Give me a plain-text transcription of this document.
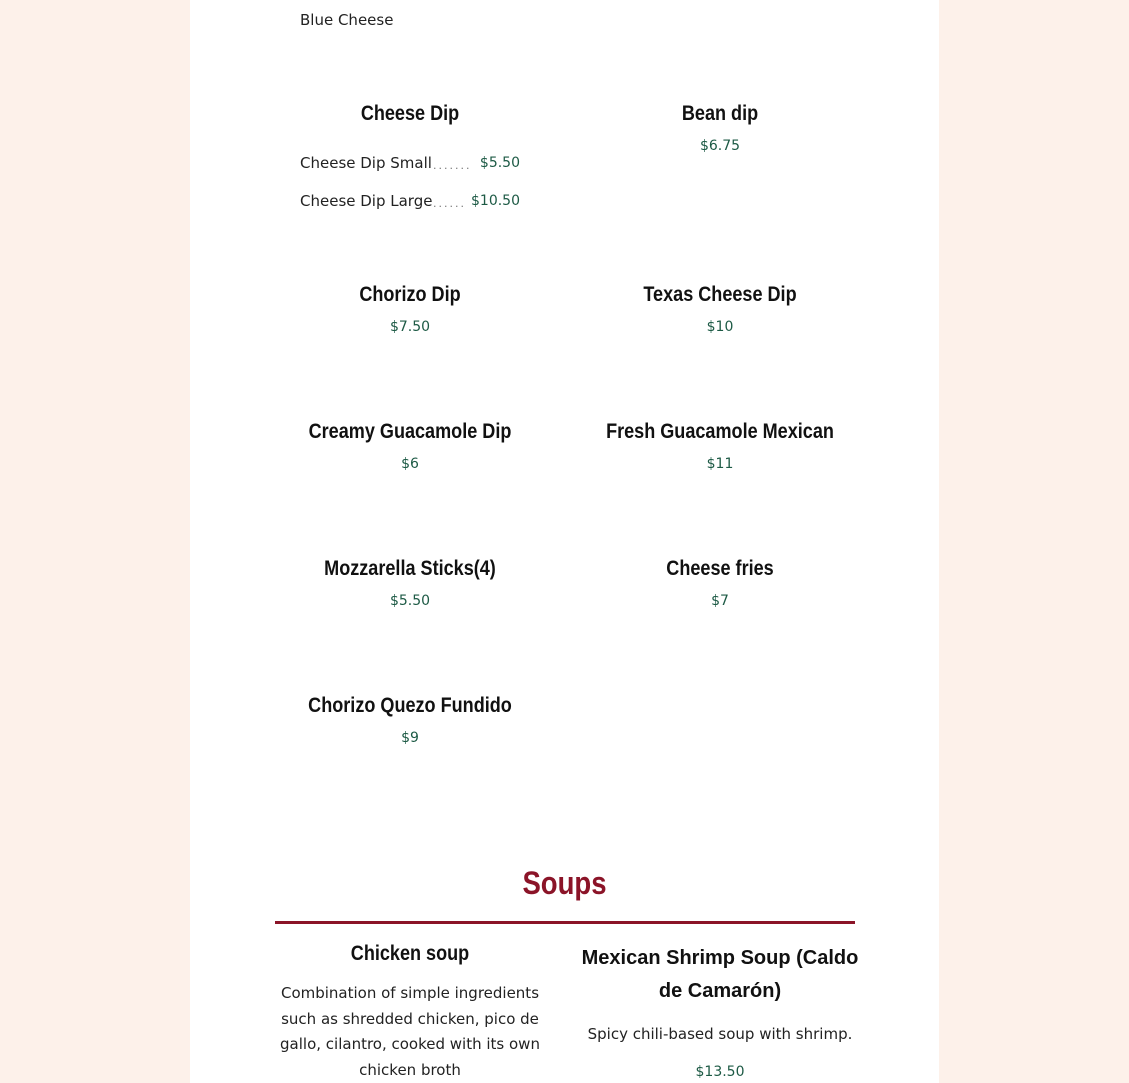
Blue Cheese
Cheese Dip
Cheese Dip Small ....... $5.50
Cheese Dip Large ...... $10.50
Bean dip
$6.75
Chorizo Dip
$7.50
Texas Cheese Dip
$10
Creamy Guacamole Dip
$6
Fresh Guacamole Mexican
$11
Mozzarella Sticks(4)
$5.50
Cheese fries
$7
Chorizo Quezo Fundido
$9
Soups
Chicken soup
Combination of simple ingredients such as shredded chicken, pico de gallo, cilantro, cooked with its own chicken broth
Mexican Shrimp Soup (Caldo de Camarón)
Spicy chili-based soup with shrimp.
$13.50
